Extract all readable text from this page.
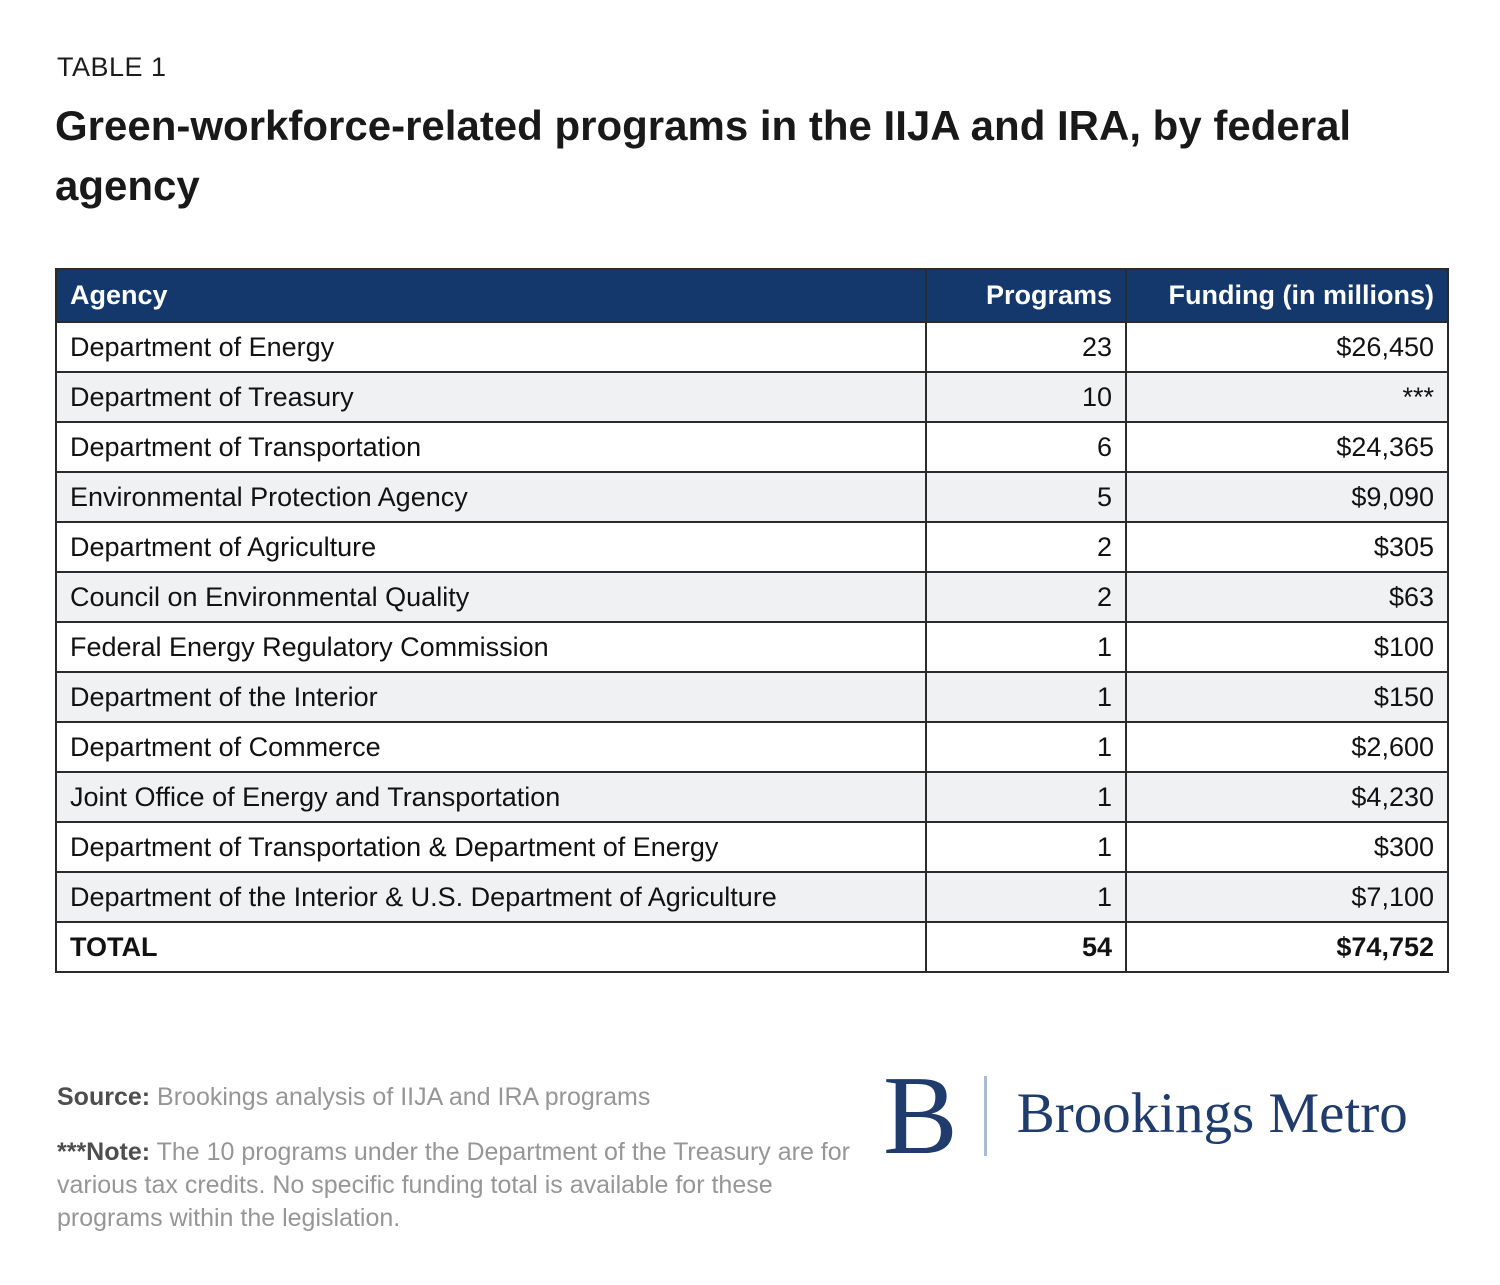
TABLE 1
Green-workforce-related programs in the IIJA and IRA, by federal agency
Agency	Programs	Funding (in millions)
Department of Energy	23	$26,450
Department of Treasury	10	***
Department of Transportation	6	$24,365
Environmental Protection Agency	5	$9,090
Department of Agriculture	2	$305
Council on Environmental Quality	2	$63
Federal Energy Regulatory Commission	1	$100
Department of the Interior	1	$150
Department of Commerce	1	$2,600
Joint Office of Energy and Transportation	1	$4,230
Department of Transportation & Department of Energy	1	$300
Department of the Interior & U.S. Department of Agriculture	1	$7,100
TOTAL	54	$74,752
Source: Brookings analysis of IIJA and IRA programs
***Note: The 10 programs under the Department of the Treasury are for various tax credits. No specific funding total is available for these programs within the legislation.
B Brookings Metro
